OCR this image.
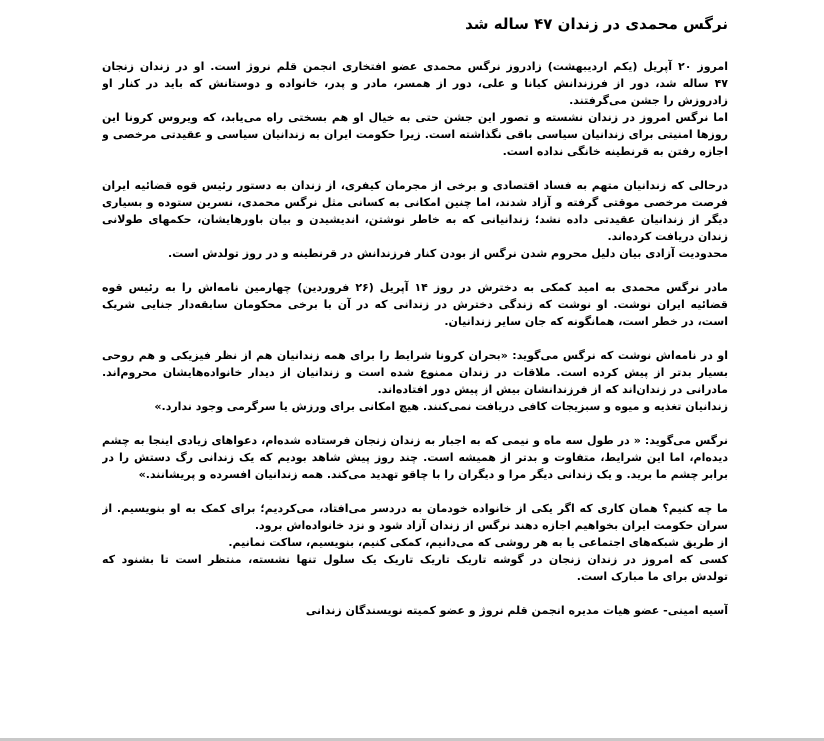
نرگس محمدی در زندان ۴۷ ساله شد
امروز ۲۰ آپریل (یکم اردیبهشت) زادروز نرگس محمدی عضو افتخاری انجمن قلم نروژ است. او در زندان زنجان
۴۷ ساله شد، دور از فرزندانش کیانا و علی، دور از همسر، مادر و پدر، خانواده و دوستانش که باید در کنار او
زادروزش را جشن می‌گرفتند.
اما نرگس امروز در زندان نشسته و تصور این جشن حتی به خیال او هم بسختی راه می‌یابد، که ویروس کرونا این
روزها امنیتی برای زندانیان سیاسی باقی نگذاشته است. زیرا حکومت ایران به زندانیان سیاسی و عقیدتی مرخصی و
اجازه رفتن به قرنطینه خانگی نداده است.
درحالی که زندانیان متهم به فساد اقتصادی و برخی از مجرمان کیفری، از زندان به دستور رئیس قوه قضائیه ایران
فرصت مرخصی موقتی گرفته و آزاد شدند، اما چنین امکانی به کسانی مثل نرگس محمدی، نسرین ستوده و بسیاری
دیگر از زندانیان عقیدتی داده نشد؛ زندانیانی که به خاطر نوشتن، اندیشیدن و بیان باورهایشان، حکمهای طولانی
زندان دریافت کرده‌اند.
محدودیت آزادی بیان دلیل محروم شدن نرگس از بودن کنار فرزندانش در قرنطینه و در روز تولدش است.
مادر نرگس محمدی به امید کمکی به دخترش در روز ۱۴ آپریل (۲۶ فروردین) چهارمین نامه‌اش را به رئیس قوه
قضائیه ایران نوشت. او نوشت که زندگی دخترش در زندانی که در آن با برخی محکومان سابقه‌دار جنایی شریک
است، در خطر است، همانگونه که جان سایر زندانیان.
او در نامه‌اش نوشت که نرگس می‌گوید: «بحران کرونا شرایط را برای همه زندانیان هم از نظر فیزیکی و هم روحی
بسیار بدتر از پیش کرده است. ملاقات در زندان ممنوع شده است و زندانیان از دیدار خانواده‌هایشان محروم‌اند.
مادرانی در زندان‌اند که از فرزندانشان بیش از پیش دور افتاده‌اند.
زندانیان تغذیه و میوه و سبزیجات کافی دریافت نمی‌کنند. هیچ امکانی برای ورزش یا سرگرمی وجود ندارد.»
نرگس می‌گوید: « در طول سه ماه و نیمی که به اجبار به زندان زنجان فرستاده شده‌ام، دعواهای زیادی اینجا به چشم
دیده‌ام، اما این شرایط، متفاوت و بدتر از همیشه است. چند روز پیش شاهد بودیم که یک زندانی رگ دستش را در
برابر چشم ما برید. و یک زندانی دیگر مرا و دیگران را با چاقو تهدید می‌کند. همه زندانیان افسرده و پریشانند.»
ما چه کنیم؟ همان کاری که اگر یکی از خانواده خودمان به دردسر می‌افتاد، می‌کردیم؛ برای کمک به او بنویسیم. از
سران حکومت ایران بخواهیم اجازه دهند نرگس از زندان آزاد شود و نزد خانواده‌اش برود.
از طریق شبکه‌های اجتماعی یا به هر روشی که می‌دانیم، کمکی کنیم، بنویسیم، ساکت نمانیم.
کسی که امروز در زندان زنجان در گوشه تاریک تاریک تاریک یک سلول تنها نشسته، منتظر است تا بشنود که
تولدش برای ما مبارک است.
آسیه امینی- عضو هیات مدیره انجمن قلم نروژ و عضو کمیته نویسندگان زندانی
